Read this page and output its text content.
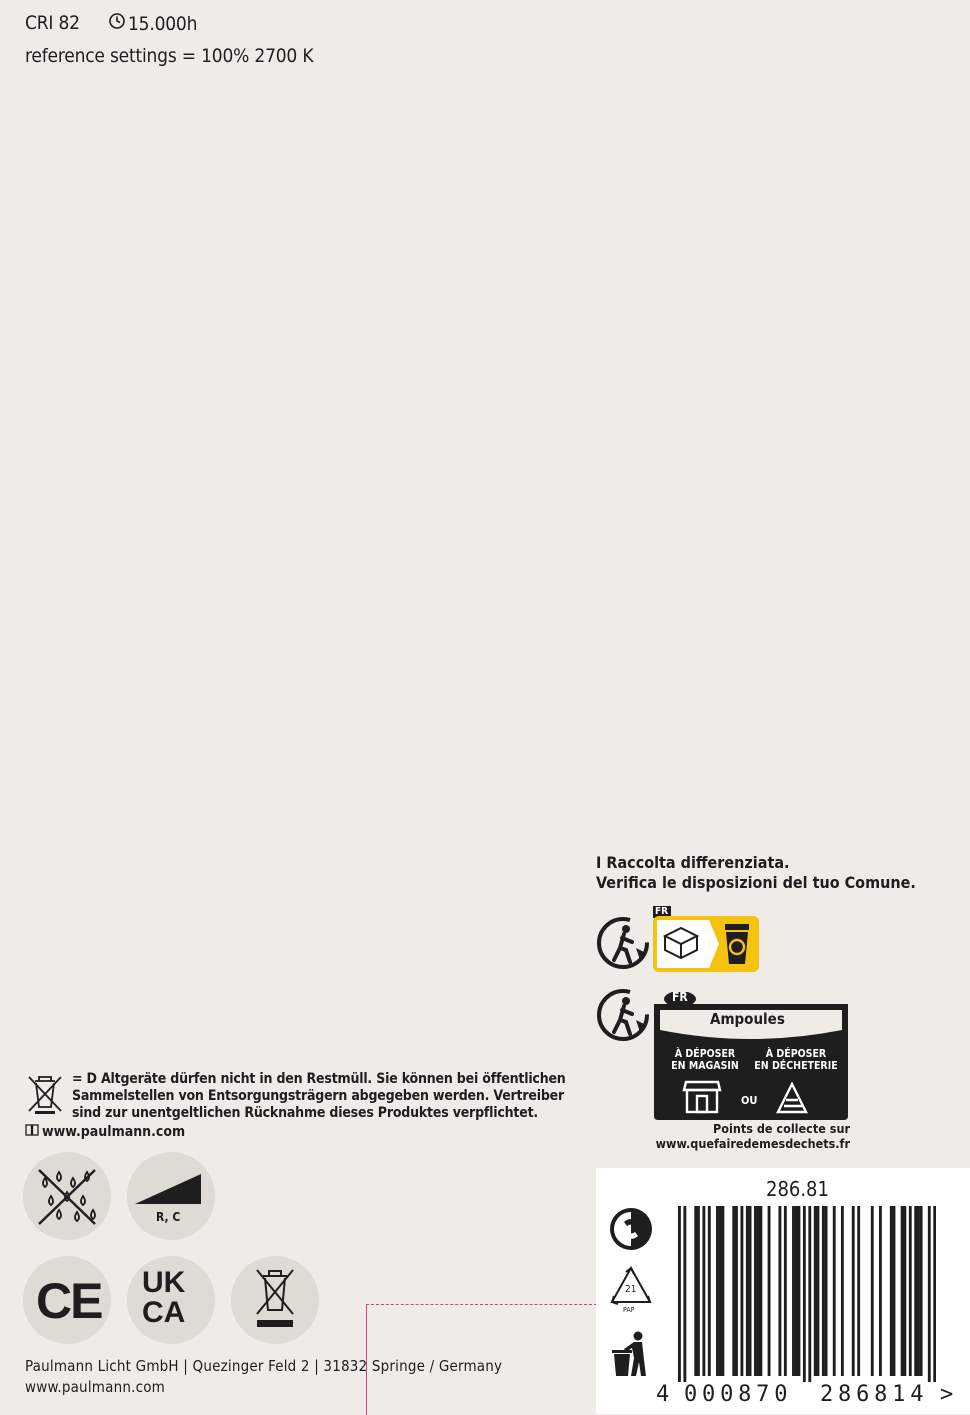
CRI 82	15.000h
reference settings = 100% 2700 K
I Raccolta differenziata.
Verifica le disposizioni del tuo Comune.
FR
FR
Ampoules
À DÉPOSER
EN MAGASIN
À DÉPOSER
EN DÉCHETERIE
OU
Points de collecte sur
www.quefairedemesdechets.fr
= D Altgeräte dürfen nicht in den Restmüll. Sie können bei öffentlichen
Sammelstellen von Entsorgungsträgern abgegeben werden. Vertreiber
sind zur unentgeltlichen Rücknahme dieses Produktes verpflichtet.
www.paulmann.com
R, C
CE UK
CA
Paulmann Licht GmbH | Quezinger Feld 2 | 31832 Springe / Germany
www.paulmann.com
286.81
21
PAP
4 000870 286814 >
